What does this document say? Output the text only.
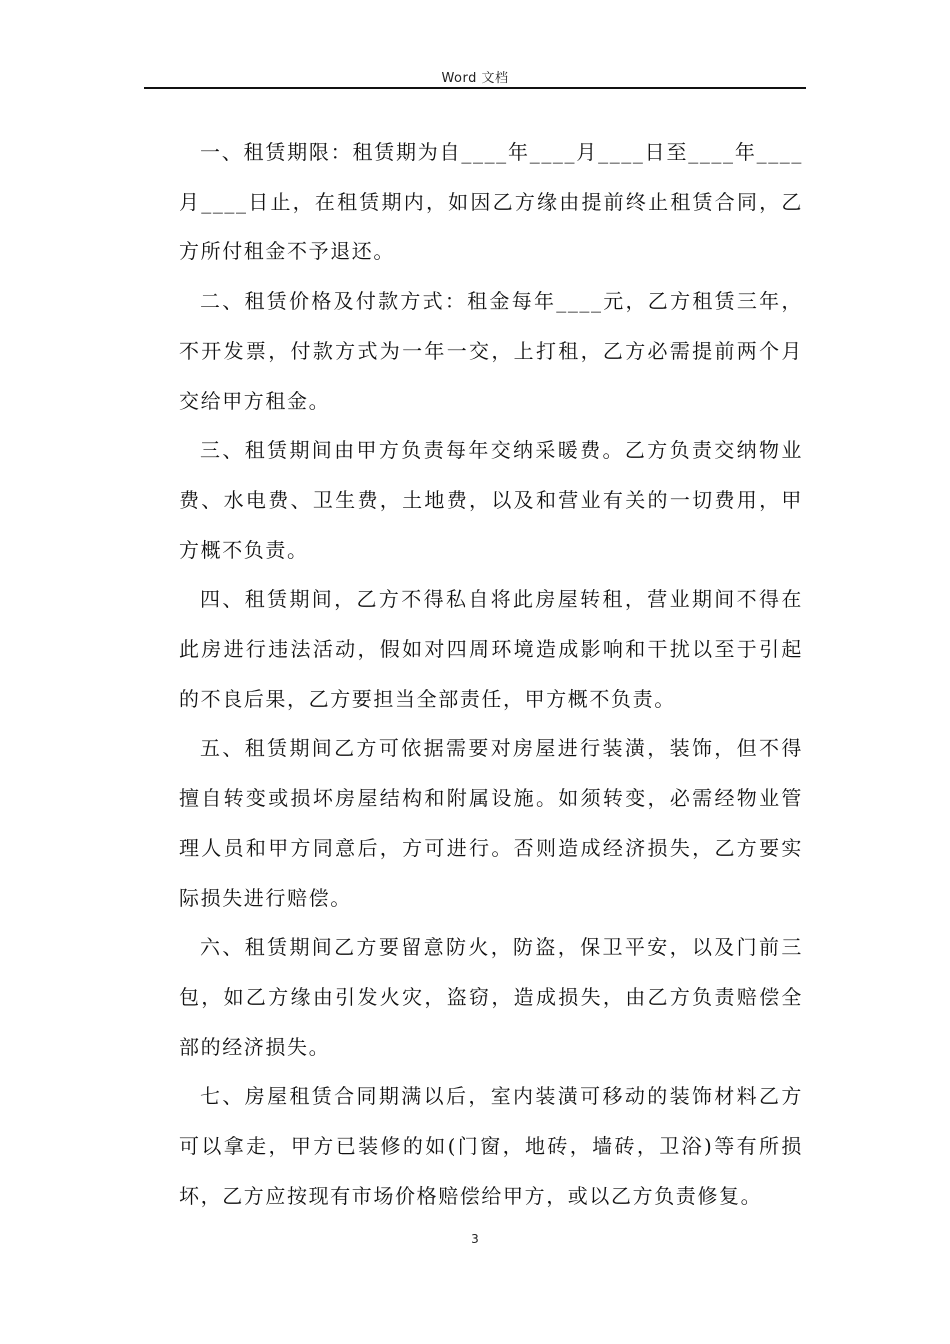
Word 文档

一、租赁期限：租赁期为自____年____月____日至____年____月____日止，在租赁期内，如因乙方缘由提前终止租赁合同，乙方所付租金不予退还。

二、租赁价格及付款方式：租金每年____元，乙方租赁三年，不开发票，付款方式为一年一交，上打租，乙方必需提前两个月交给甲方租金。

三、租赁期间由甲方负责每年交纳采暖费。乙方负责交纳物业费、水电费、卫生费，土地费，以及和营业有关的一切费用，甲方概不负责。

四、租赁期间，乙方不得私自将此房屋转租，营业期间不得在此房进行违法活动，假如对四周环境造成影响和干扰以至于引起的不良后果，乙方要担当全部责任，甲方概不负责。

五、租赁期间乙方可依据需要对房屋进行装潢，装饰，但不得擅自转变或损坏房屋结构和附属设施。如须转变，必需经物业管理人员和甲方同意后，方可进行。否则造成经济损失，乙方要实际损失进行赔偿。

六、租赁期间乙方要留意防火，防盗，保卫平安，以及门前三包，如乙方缘由引发火灾，盗窃，造成损失，由乙方负责赔偿全部的经济损失。

七、房屋租赁合同期满以后，室内装潢可移动的装饰材料乙方可以拿走，甲方已装修的如(门窗，地砖，墙砖，卫浴)等有所损坏，乙方应按现有市场价格赔偿给甲方，或以乙方负责修复。

3
